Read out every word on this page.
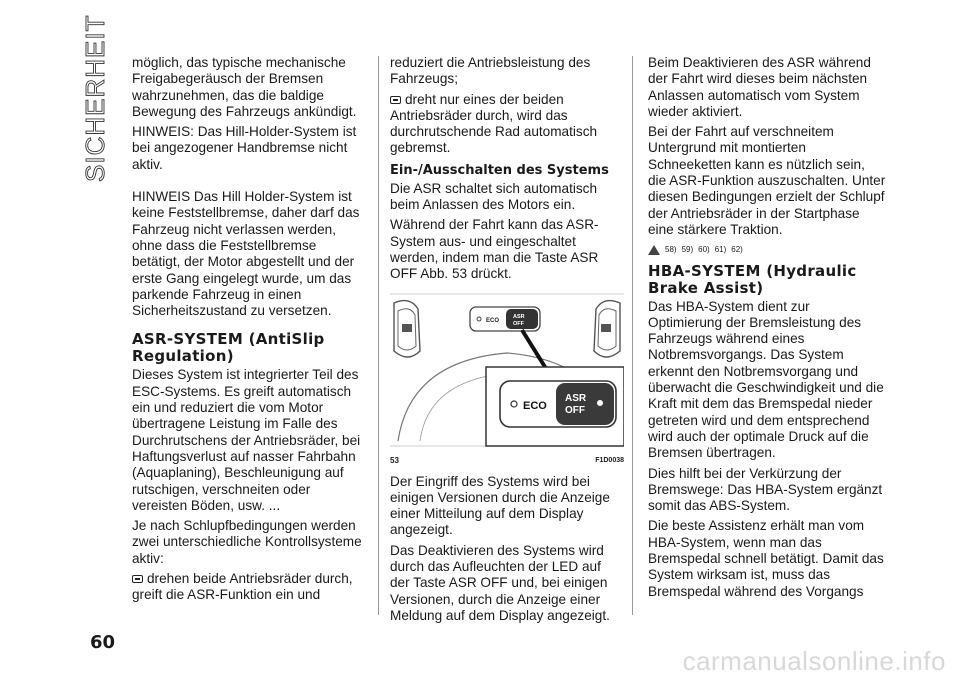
SICHERHEIT möglich, das typische mechanische Freigabegeräusch der Bremsen wahrzunehmen, das die baldige Bewegung des Fahrzeugs ankündigt.

HINWEIS: Das Hill-Holder-System ist bei angezogener Handbremse nicht aktiv.

HINWEIS Das Hill Holder-System ist keine Feststellbremse, daher darf das Fahrzeug nicht verlassen werden, ohne dass die Feststellbremse betätigt, der Motor abgestellt und der erste Gang eingelegt wurde, um das parkende Fahrzeug in einen Sicherheitszustand zu versetzen.

ASR-SYSTEM (AntiSlip Regulation)

Dieses System ist integrierter Teil des ESC-Systems. Es greift automatisch ein und reduziert die vom Motor übertragene Leistung im Falle des Durchrutschens der Antriebsräder, bei Haftungsverlust auf nasser Fahrbahn (Aquaplaning), Beschleunigung auf rutschigen, verschneiten oder vereisten Böden, usw. ...

Je nach Schlupfbedingungen werden zwei unterschiedliche Kontrollsysteme aktiv:

drehen beide Antriebsräder durch, greift die ASR-Funktion ein und

reduziert die Antriebsleistung des Fahrzeugs;

dreht nur eines der beiden Antriebsräder durch, wird das durchrutschende Rad automatisch gebremst.

Ein-/Ausschalten des Systems

Die ASR schaltet sich automatisch beim Anlassen des Motors ein.

Während der Fahrt kann das ASR-System aus- und eingeschaltet werden, indem man die Taste ASR OFF Abb. 53 drückt.

ECO
ASR
OFF
ECO
ASR
OFF
53	F1D0038

Der Eingriff des Systems wird bei einigen Versionen durch die Anzeige einer Mitteilung auf dem Display angezeigt.

Das Deaktivieren des Systems wird durch das Aufleuchten der LED auf der Taste ASR OFF und, bei einigen Versionen, durch die Anzeige einer Meldung auf dem Display angezeigt.

Beim Deaktivieren des ASR während der Fahrt wird dieses beim nächsten Anlassen automatisch vom System wieder aktiviert.

Bei der Fahrt auf verschneitem Untergrund mit montierten Schneeketten kann es nützlich sein, die ASR-Funktion auszuschalten. Unter diesen Bedingungen erzielt der Schlupf der Antriebsräder in der Startphase eine stärkere Traktion.

58) 59) 60) 61) 62)
HBA-SYSTEM (Hydraulic Brake Assist)

Das HBA-System dient zur Optimierung der Bremsleistung des Fahrzeugs während eines Notbremsvorgangs. Das System erkennt den Notbremsvorgang und überwacht die Geschwindigkeit und die Kraft mit dem das Bremspedal nieder getreten wird und dem entsprechend wird auch der optimale Druck auf die Bremsen übertragen.

Dies hilft bei der Verkürzung der Bremswege: Das HBA-System ergänzt somit das ABS-System.

Die beste Assistenz erhält man vom HBA-System, wenn man das Bremspedal schnell betätigt. Damit das System wirksam ist, muss das Bremspedal während des Vorgangs

60
carmanualsonline.info
